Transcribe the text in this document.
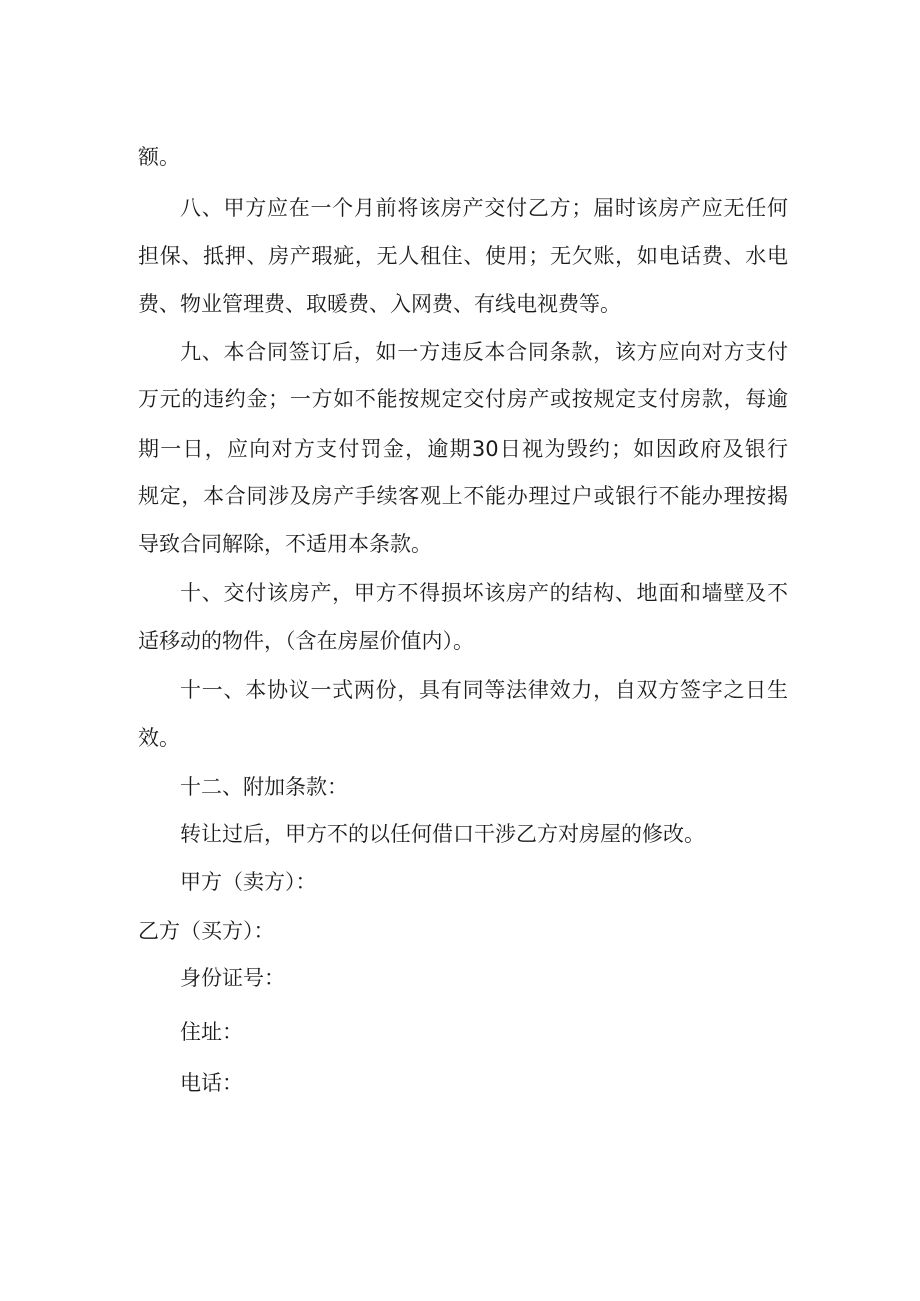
额。
八、甲方应在一个月前将该房产交付乙方；届时该房产应无任何
担保、抵押、房产瑕疵，无人租住、使用；无欠账，如电话费、水电
费、物业管理费、取暖费、入网费、有线电视费等。
九、本合同签订后，如一方违反本合同条款，该方应向对方支付
万元的违约金；一方如不能按规定交付房产或按规定支付房款，每逾
期一日，应向对方支付罚金，逾期30日视为毁约；如因政府及银行
规定，本合同涉及房产手续客观上不能办理过户或银行不能办理按揭
导致合同解除，不适用本条款。
十、交付该房产，甲方不得损坏该房产的结构、地面和墙壁及不
适移动的物件，（含在房屋价值内）。
十一、本协议一式两份，具有同等法律效力，自双方签字之日生
效。
十二、附加条款：
转让过后，甲方不的以任何借口干涉乙方对房屋的修改。
甲方（卖方）：
乙方（买方）：
身份证号：
住址：
电话：
